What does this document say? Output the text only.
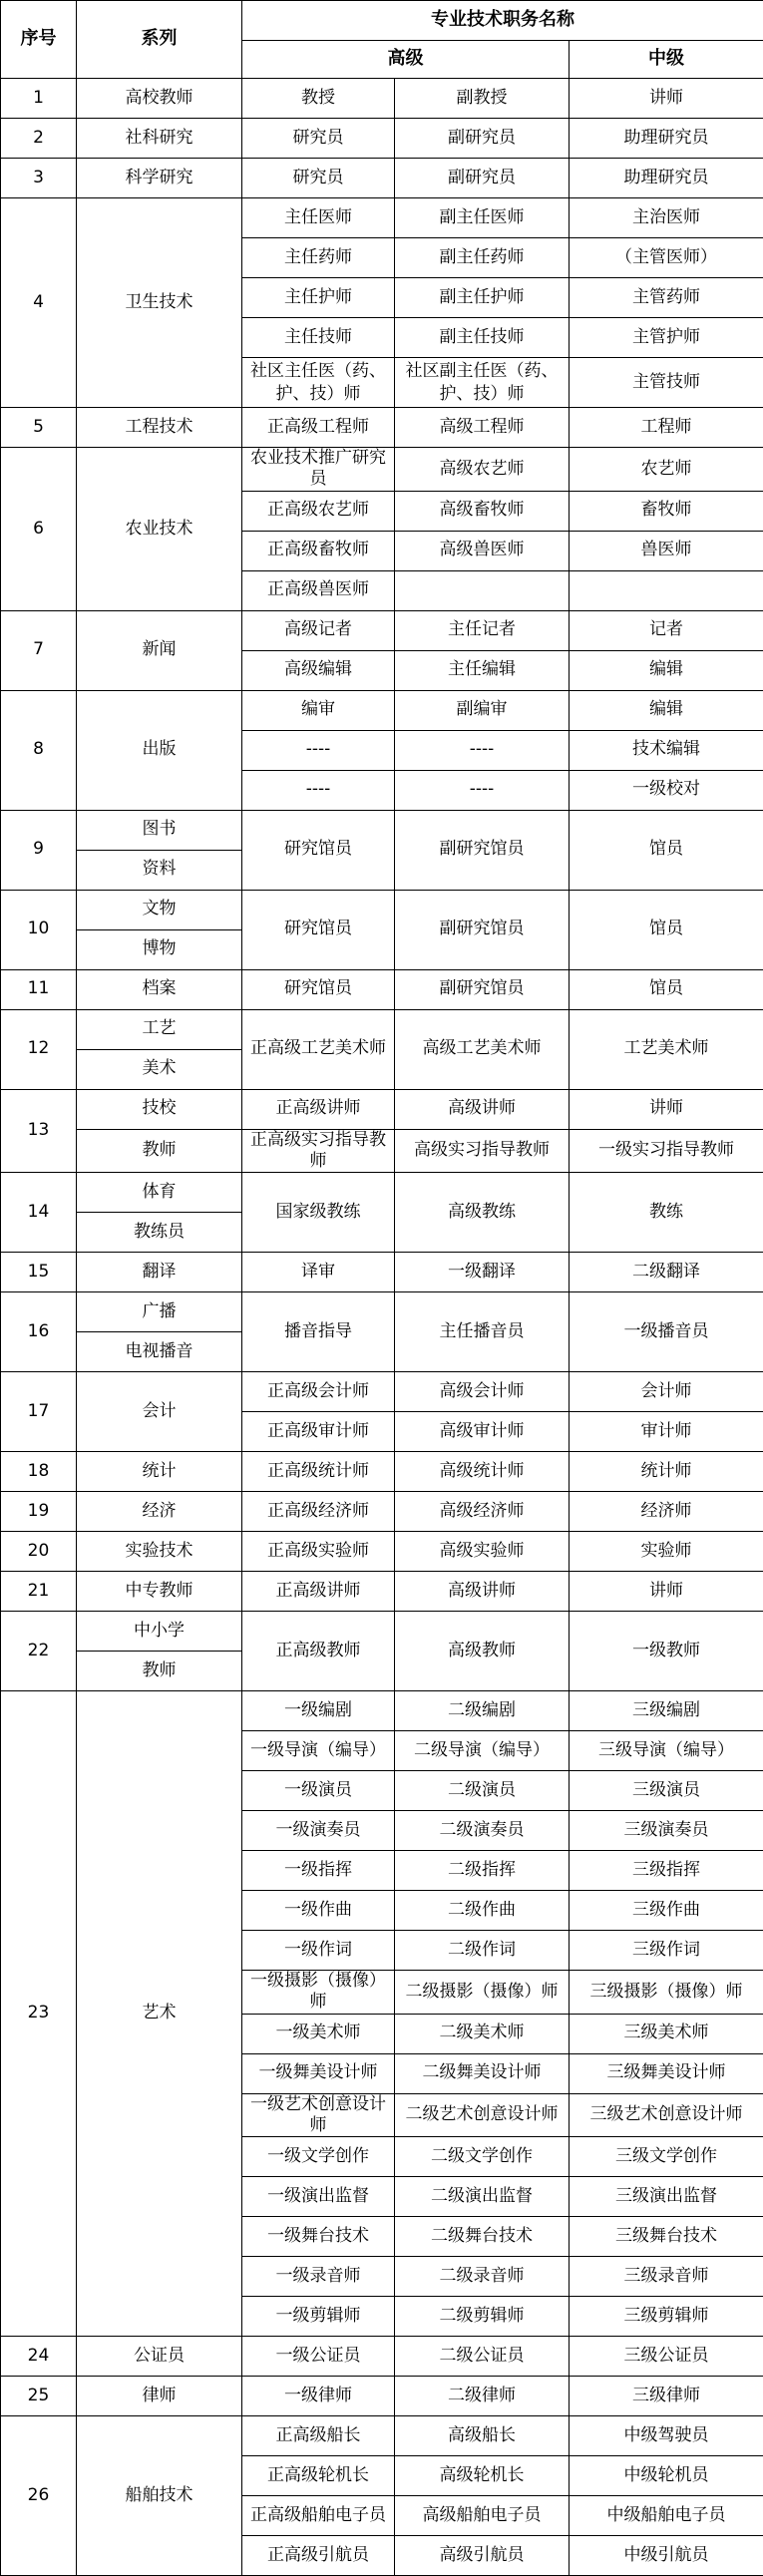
序号	系列	专业技术职务名称		
		高级		中级
1	高校教师	教授	副教授	讲师
2	社科研究	研究员	副研究员	助理研究员
3	科学研究	研究员	副研究员	助理研究员
4	卫生技术	主任医师	副主任医师	主治医师
		主任药师	副主任药师	（主管医师）
		主任护师	副主任护师	主管药师
		主任技师	副主任技师	主管护师
		社区主任医（药、护、技）师	社区副主任医（药、护、技）师	主管技师
5	工程技术	正高级工程师	高级工程师	工程师
6	农业技术	农业技术推广研究员	高级农艺师	农艺师
		正高级农艺师	高级畜牧师	畜牧师
		正高级畜牧师	高级兽医师	兽医师
		正高级兽医师		
7	新闻	高级记者	主任记者	记者
		高级编辑	主任编辑	编辑
8	出版	编审	副编审	编辑
		----	----	技术编辑
		----	----	一级校对
9	图书	研究馆员	副研究馆员	馆员
	资料			
10	文物	研究馆员	副研究馆员	馆员
	博物			
11	档案	研究馆员	副研究馆员	馆员
12	工艺	正高级工艺美术师	高级工艺美术师	工艺美术师
	美术			
13	技校	正高级讲师	高级讲师	讲师
	教师	正高级实习指导教师	高级实习指导教师	一级实习指导教师
14	体育	国家级教练	高级教练	教练
	教练员			
15	翻译	译审	一级翻译	二级翻译
16	广播	播音指导	主任播音员	一级播音员
	电视播音			
17	会计	正高级会计师	高级会计师	会计师
		正高级审计师	高级审计师	审计师
18	统计	正高级统计师	高级统计师	统计师
19	经济	正高级经济师	高级经济师	经济师
20	实验技术	正高级实验师	高级实验师	实验师
21	中专教师	正高级讲师	高级讲师	讲师
22	中小学	正高级教师	高级教师	一级教师
	教师			
23	艺术	一级编剧	二级编剧	三级编剧
		一级导演（编导）	二级导演（编导）	三级导演（编导）
		一级演员	二级演员	三级演员
		一级演奏员	二级演奏员	三级演奏员
		一级指挥	二级指挥	三级指挥
		一级作曲	二级作曲	三级作曲
		一级作词	二级作词	三级作词
		一级摄影（摄像）师	二级摄影（摄像）师	三级摄影（摄像）师
		一级美术师	二级美术师	三级美术师
		一级舞美设计师	二级舞美设计师	三级舞美设计师
		一级艺术创意设计师	二级艺术创意设计师	三级艺术创意设计师
		一级文学创作	二级文学创作	三级文学创作
		一级演出监督	二级演出监督	三级演出监督
		一级舞台技术	二级舞台技术	三级舞台技术
		一级录音师	二级录音师	三级录音师
		一级剪辑师	二级剪辑师	三级剪辑师
24	公证员	一级公证员	二级公证员	三级公证员
25	律师	一级律师	二级律师	三级律师
26	船舶技术	正高级船长	高级船长	中级驾驶员
		正高级轮机长	高级轮机长	中级轮机员
		正高级船舶电子员	高级船舶电子员	中级船舶电子员
		正高级引航员	高级引航员	中级引航员
